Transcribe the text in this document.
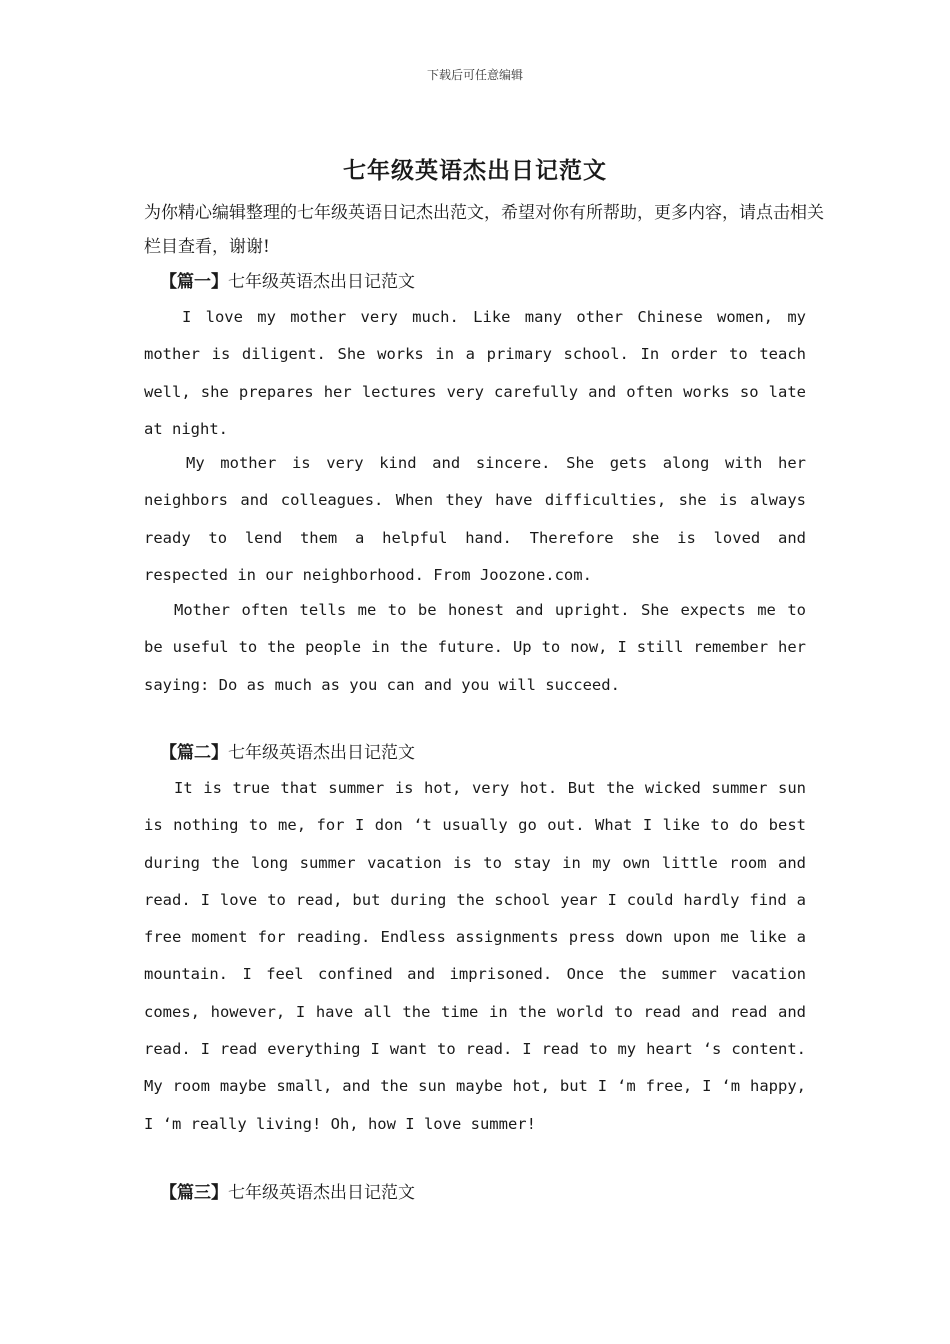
下载后可任意编辑
七年级英语杰出日记范文
为你精心编辑整理的七年级英语日记杰出范文，希望对你有所帮助，更多内容，请点击相关栏目查看，谢谢!
【篇一】七年级英语杰出日记范文
I love my mother very much. Like many other Chinese women, my mother is diligent. She works in a primary school. In order to teach well, she prepares her lectures very carefully and often works so late at night.
My mother is very kind and sincere. She gets along with her neighbors and colleagues. When they have difficulties, she is always ready to lend them a helpful hand. Therefore she is loved and respected in our neighborhood. From Joozone.com.
Mother often tells me to be honest and upright. She expects me to be useful to the people in the future. Up to now, I still remember her saying: Do as much as you can and you will succeed.
【篇二】七年级英语杰出日记范文
It is true that summer is hot, very hot. But the wicked summer sun is nothing to me, for I don ‘t usually go out. What I like to do best during the long summer vacation is to stay in my own little room and read. I love to read, but during the school year I could hardly find a free moment for reading. Endless assignments press down upon me like a mountain. I feel confined and imprisoned. Once the summer vacation comes, however, I have all the time in the world to read and read and read. I read everything I want to read. I read to my heart ‘s content. My room maybe small, and the sun maybe hot, but I ‘m free, I ‘m happy, I ‘m really living! Oh, how I love summer!
【篇三】七年级英语杰出日记范文
